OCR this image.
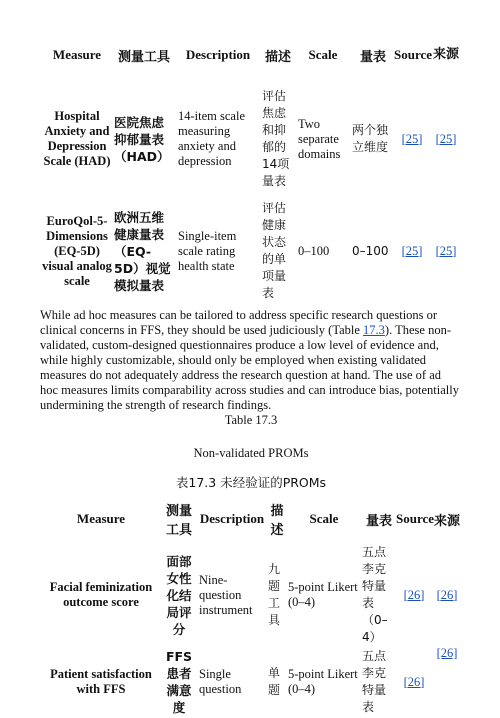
Measure	测量工具	Description	描述	Scale	量表	Source	来源
Hospital Anxiety and Depression Scale (HAD)	医院焦虑抑郁量表（HAD）	14-item scale measuring anxiety and depression	评估焦虑和抑郁的14项量表	Two separate domains	两个独立维度	[25]	[25]
EuroQol-5-Dimensions (EQ-5D) visual analog scale	欧洲五维健康量表（EQ-5D）视觉模拟量表	Single-item scale rating health state	评估健康状态的单项量表	0–100	0–100	[25]	[25]
While ad hoc measures can be tailored to address specific research questions or clinical concerns in FFS, they should be used judiciously (Table 17.3). These non-validated, custom-designed questionnaires produce a low level of evidence and, while highly customizable, should only be employed when existing validated measures do not adequately address the research question at hand. The use of ad hoc measures limits comparability across studies and can introduce bias, potentially undermining the strength of research findings.
Table 17.3
Non-validated PROMs
表17.3 未经验证的PROMs
Measure	测量工具	Description	描述	Scale	量表	Source	来源
Facial feminization outcome score	面部女性化结局评分	Nine-question instrument	九题工具	5-point Likert (0–4)	五点李克特量表（0–4）	[26]	[26]
Patient satisfaction with FFS	FFS患者满意度	Single question	单题	5-point Likert (0–4)	五点李克特量表	[26]	[26]
